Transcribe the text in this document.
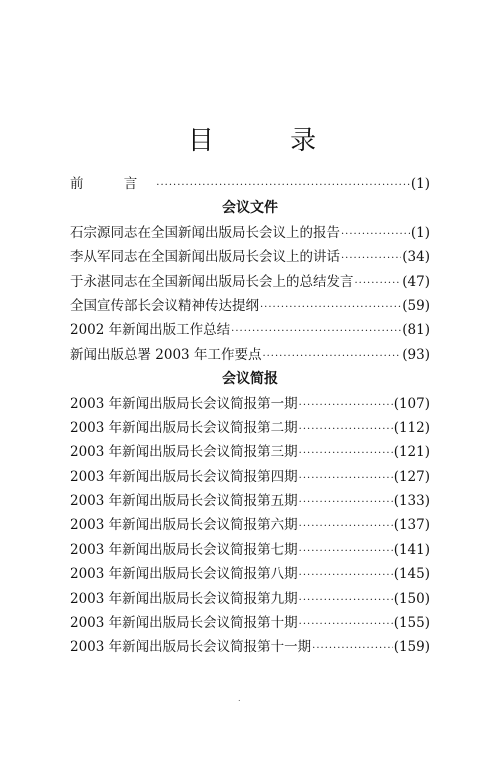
目 录
前 言 ·····	(1)
会议文件
石宗源同志在全国新闻出版局长会议上的报告 ·····	(1)
李从军同志在全国新闻出版局长会议上的讲话 ·····	(34)
于永湛同志在全国新闻出版局长会上的总结发言 ·····	(47)
全国宣传部长会议精神传达提纲 ·····	(59)
2002 年新闻出版工作总结 ·····	(81)
新闻出版总署 2003 年工作要点 ·····	(93)
会议简报
2003 年新闻出版局长会议简报第一期 ·····	(107)
2003 年新闻出版局长会议简报第二期 ·····	(112)
2003 年新闻出版局长会议简报第三期 ·····	(121)
2003 年新闻出版局长会议简报第四期 ·····	(127)
2003 年新闻出版局长会议简报第五期 ·····	(133)
2003 年新闻出版局长会议简报第六期 ·····	(137)
2003 年新闻出版局长会议简报第七期 ·····	(141)
2003 年新闻出版局长会议简报第八期 ·····	(145)
2003 年新闻出版局长会议简报第九期 ·····	(150)
2003 年新闻出版局长会议简报第十期 ·····	(155)
2003 年新闻出版局长会议简报第十一期 ·····	(159)
.
